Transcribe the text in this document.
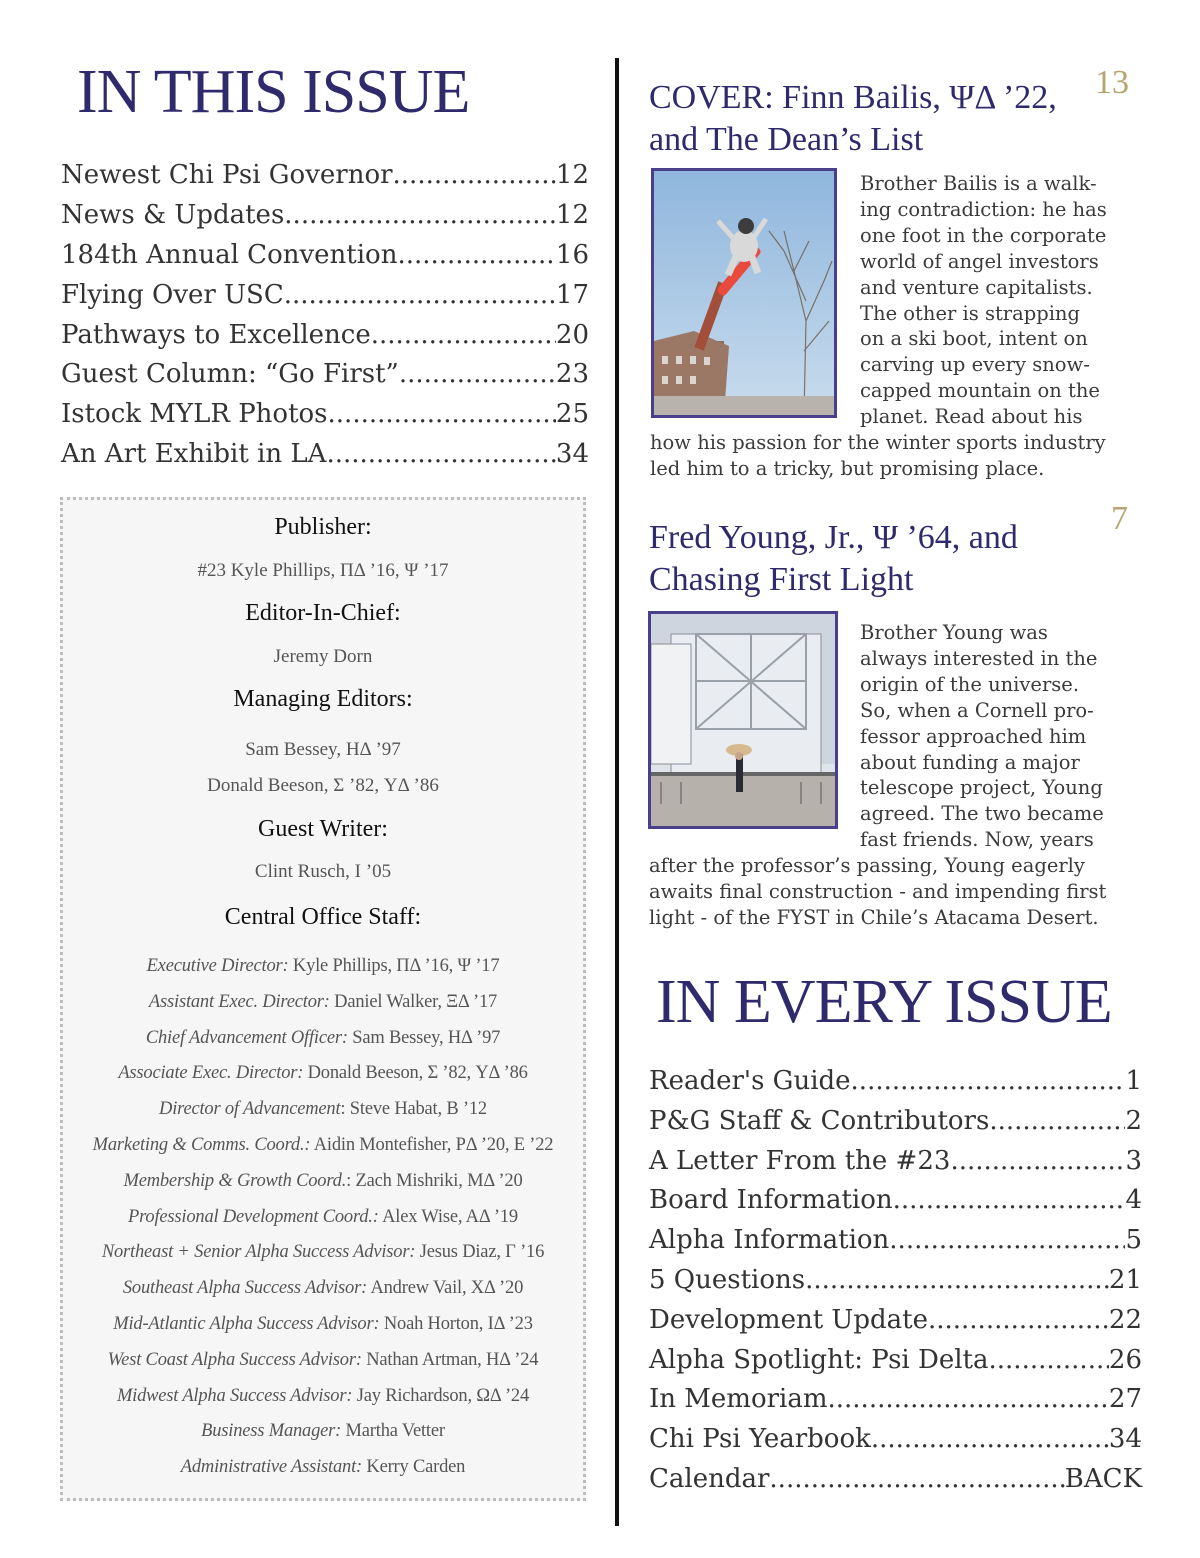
IN THIS ISSUE
Newest Chi Psi Governor .....	12
News & Updates .....	12
184th Annual Convention .....	16
Flying Over USC .....	17
Pathways to Excellence .....	20
Guest Column: “Go First” .....	23
Istock MYLR Photos .....	25
An Art Exhibit in LA .....	34
Publisher:
#23 Kyle Phillips, ΠΔ ’16, Ψ ’17
Editor-In-Chief:
Jeremy Dorn
Managing Editors:
Sam Bessey, HΔ ’97
Donald Beeson, Σ ’82, YΔ ’86
Guest Writer:
Clint Rusch, I ’05
Central Office Staff:
Executive Director: Kyle Phillips, ΠΔ ’16, Ψ ’17
Assistant Exec. Director: Daniel Walker, ΞΔ ’17
Chief Advancement Officer: Sam Bessey, HΔ ’97
Associate Exec. Director: Donald Beeson, Σ ’82, YΔ ’86
Director of Advancement: Steve Habat, B ’12
Marketing & Comms. Coord.: Aidin Montefisher, PΔ ’20, E ’22
Membership & Growth Coord.: Zach Mishriki, MΔ ’20
Professional Development Coord.: Alex Wise, AΔ ’19
Northeast + Senior Alpha Success Advisor: Jesus Diaz, Γ ’16
Southeast Alpha Success Advisor: Andrew Vail, XΔ ’20
Mid-Atlantic Alpha Success Advisor: Noah Horton, IΔ ’23
West Coast Alpha Success Advisor: Nathan Artman, HΔ ’24
Midwest Alpha Success Advisor: Jay Richardson, ΩΔ ’24
Business Manager: Martha Vetter
Administrative Assistant: Kerry Carden
COVER: Finn Bailis, ΨΔ ’22,
and The Dean’s List
13

Brother Bailis is a walk-
ing contradiction: he has
one foot in the corporate
world of angel investors
and venture capitalists.
The other is strapping
on a ski boot, intent on
carving up every snow-
capped mountain on the
planet. Read about his

how his passion for the winter sports industry
led him to a tricky, but promising place.

Fred Young, Jr., Ψ ’64, and
Chasing First Light
7

Brother Young was
always interested in the
origin of the universe.
So, when a Cornell pro-
fessor approached him
about funding a major
telescope project, Young
agreed. The two became
fast friends. Now, years

after the professor’s passing, Young eagerly
awaits final construction - and impending first
light - of the FYST in Chile’s Atacama Desert.

IN EVERY ISSUE
Reader's Guide .....	1
P&G Staff & Contributors .....	2
A Letter From the #23 .....	3
Board Information .....	4
Alpha Information .....	5
5 Questions .....	21
Development Update .....	22
Alpha Spotlight: Psi Delta .....	26
In Memoriam .....	27
Chi Psi Yearbook .....	34
Calendar .....	BACK
